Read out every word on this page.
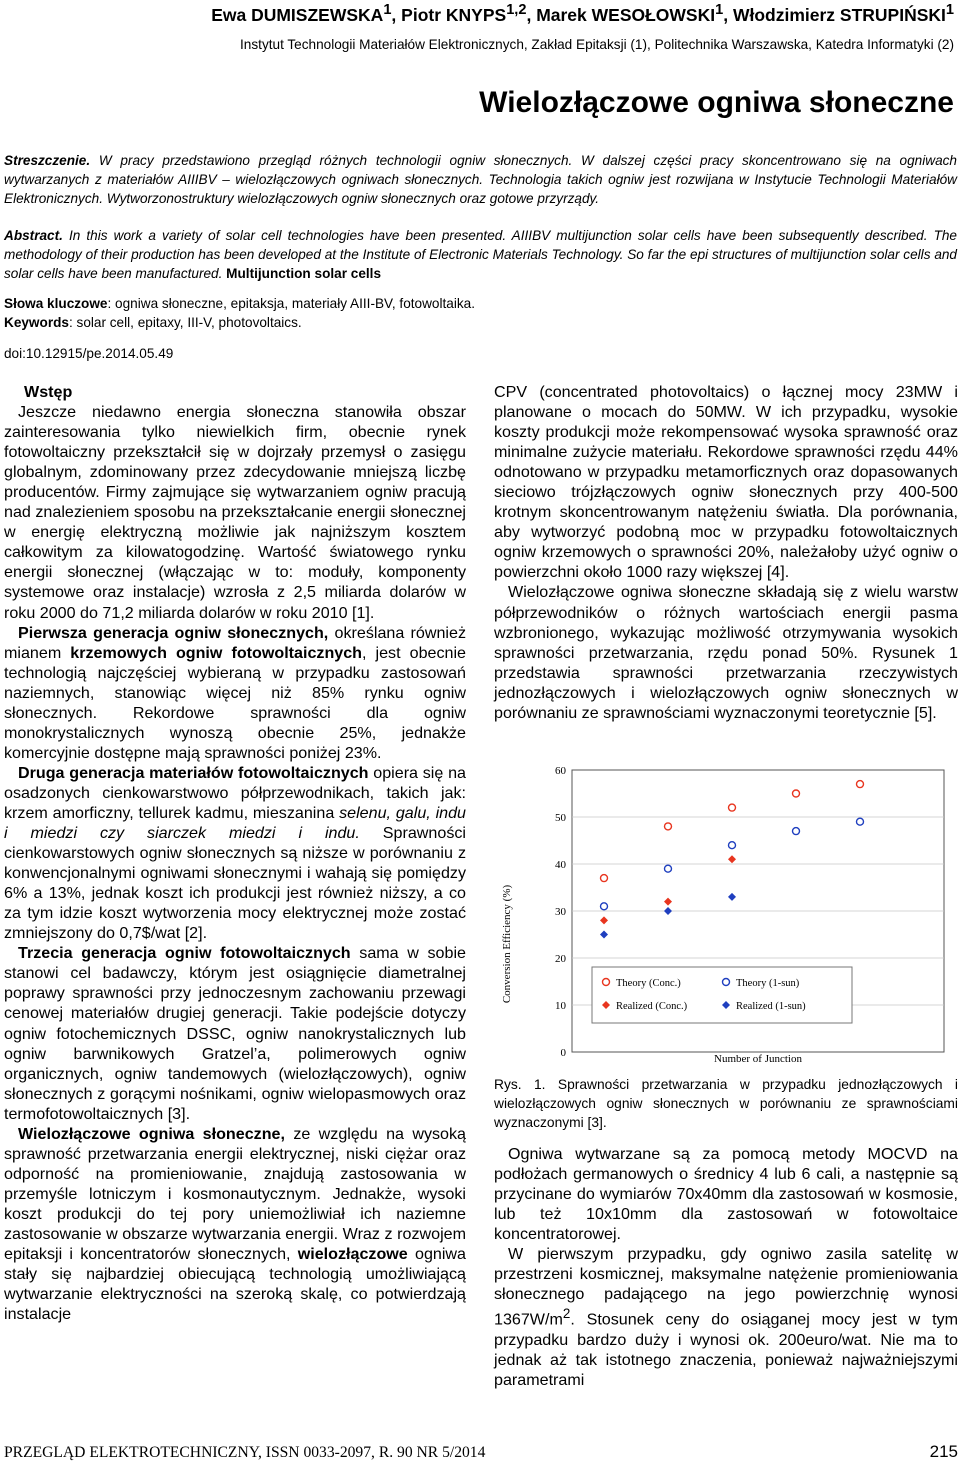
Ewa DUMISZEWSKA$^1$, Piotr KNYPS$^{1,2}$, Marek WESOŁOWSKI$^1$, Włodzimierz STRUPIŃSKI$^1$
Instytut Technologii Materiałów Elektronicznych, Zakład Epitaksji (1), Politechnika Warszawska, Katedra Informatyki (2)
Wielozłączowe ogniwa słoneczne
Streszczenie. W pracy przedstawiono przegląd różnych technologii ogniw słonecznych. W dalszej części pracy skoncentrowano się na ogniwach wytwarzanych z materiałów AIIIBV – wielozłączowych ogniwach słonecznych. Technologia takich ogniw jest rozwijana w Instytucie Technologii Materiałów Elektronicznych. Wytworzonostruktury wielozłączowych ogniw słonecznych oraz gotowe przyrządy.
Abstract. In this work a variety of solar cell technologies have been presented. AIIIBV multijunction solar cells have been subsequently described. The methodology of their production has been developed at the Institute of Electronic Materials Technology. So far the epi structures of multijunction solar cells and solar cells have been manufactured. Multijunction solar cells
Słowa kluczowe: ogniwa słoneczne, epitaksja, materiały AIII-BV, fotowoltaika.
Keywords: solar cell, epitaxy, III-V, photovoltaics.
doi:10.12915/pe.2014.05.49

Wstęp

Jeszcze niedawno energia słoneczna stanowiła obszar zainteresowania tylko niewielkich firm, obecnie rynek fotowoltaiczny przekształcił się w dojrzały przemysł o zasięgu globalnym, zdominowany przez zdecydowanie mniejszą liczbę producentów. Firmy zajmujące się wytwarzaniem ogniw pracują nad znalezieniem sposobu na przekształcanie energii słonecznej w energię elektryczną możliwie jak najniższym kosztem całkowitym za kilowatogodzinę. Wartość światowego rynku energii słonecznej (włączając w to: moduły, komponenty systemowe oraz instalacje) wzrosła z 2,5 miliarda dolarów w roku 2000 do 71,2 miliarda dolarów w roku 2010 [1].

Pierwsza generacja ogniw słonecznych, określana również mianem krzemowych ogniw fotowoltaicznych, jest obecnie technologią najczęściej wybieraną w przypadku zastosowań naziemnych, stanowiąc więcej niż 85% rynku ogniw słonecznych. Rekordowe sprawności dla ogniw monokrystalicznych wynoszą obecnie 25%, jednakże komercyjnie dostępne mają sprawności poniżej 23%.

Druga generacja materiałów fotowoltaicznych opiera się na osadzonych cienkowarstwowo półprzewodnikach, takich jak: krzem amorficzny, tellurek kadmu, mieszanina selenu, galu, indu i miedzi czy siarczek miedzi i indu. Sprawności cienkowarstowych ogniw słonecznych są niższe w porównaniu z konwencjonalnymi ogniwami słonecznymi i wahają się pomiędzy 6% a 13%, jednak koszt ich produkcji jest również niższy, a co za tym idzie koszt wytworzenia mocy elektrycznej może zostać zmniejszony do 0,7$/wat [2].

Trzecia generacja ogniw fotowoltaicznych sama w sobie stanowi cel badawczy, którym jest osiągnięcie diametralnej poprawy sprawności przy jednoczesnym zachowaniu przewagi cenowej materiałów drugiej generacji. Takie podejście dotyczy ogniw fotochemicznych DSSC, ogniw nanokrystalicznych lub ogniw barwnikowych Gratzel’a, polimerowych ogniw organicznych, ogniw tandemowych (wielozłączowych), ogniw słonecznych z gorącymi nośnikami, ogniw wielopasmowych oraz termofotowoltaicznych [3].

Wielozłączowe ogniwa słoneczne, ze względu na wysoką sprawność przetwarzania energii elektrycznej, niski ciężar oraz odporność na promieniowanie, znajdują zastosowania w przemyśle lotniczym i kosmonautycznym. Jednakże, wysoki koszt produkcji do tej pory uniemożliwiał ich naziemne zastosowanie w obszarze wytwarzania energii. Wraz z rozwojem epitaksji i koncentratorów słonecznych, wielozłączowe ogniwa stały się najbardziej obiecującą technologią umożliwiającą wytwarzanie elektryczności na szeroką skalę, co potwierdzają instalacje

CPV (concentrated photovoltaics) o łącznej mocy 23MW i planowane o mocach do 50MW. W ich przypadku, wysokie koszty produkcji może rekompensować wysoka sprawność oraz minimalne zużycie materiału. Rekordowe sprawności rzędu 44% odnotowano w przypadku metamorficznych oraz dopasowanych sieciowo trójzłączowych ogniw słonecznych przy 400-500 krotnym skoncentrowanym natężeniu światła. Dla porównania, aby wytworzyć podobną moc w przypadku fotowoltaicznych ogniw krzemowych o sprawności 20%, należałoby użyć ogniw o powierzchni około 1000 razy większej [4].

Wielozłączowe ogniwa słoneczne składają się z wielu warstw półprzewodników o różnych wartościach energii pasma wzbronionego, wykazując możliwość otrzymywania wysokich sprawności przetwarzania, rzędu ponad 50%. Rysunek 1 przedstawia sprawności przetwarzania rzeczywistych jednozłączowych i wielozłączowych ogniw słonecznych w porównaniu ze sprawnościami wyznaczonymi teoretycznie [5].

0
10
20
30
40
50
60
Conversion Efficiency (%)
Number of Junction
Theory (Conc.)	Theory (1-sun)
Realized (Conc.)	Realized (1-sun)
Rys. 1. Sprawności przetwarzania w przypadku jednozłączowych i wielozłączowych ogniw słonecznych w porównaniu ze sprawnościami wyznaczonymi [3].

Ogniwa wytwarzane są za pomocą metody MOCVD na podłożach germanowych o średnicy 4 lub 6 cali, a następnie są przycinane do wymiarów 70x40mm dla zastosowań w kosmosie, lub też 10x10mm dla zastosowań w fotowoltaice koncentratorowej.

W pierwszym przypadku, gdy ogniwo zasila satelitę w przestrzeni kosmicznej, maksymalne natężenie promieniowania słonecznego padającego na jego powierzchnię wynosi $1367W/m^2$. Stosunek ceny do osiąganej mocy jest w tym przypadku bardzo duży i wynosi ok. 200euro/wat. Nie ma to jednak aż tak istotnego znaczenia, ponieważ najważniejszymi parametrami

PRZEGLĄD ELEKTROTECHNICZNY, ISSN 0033-2097, R. 90 NR 5/2014	215
